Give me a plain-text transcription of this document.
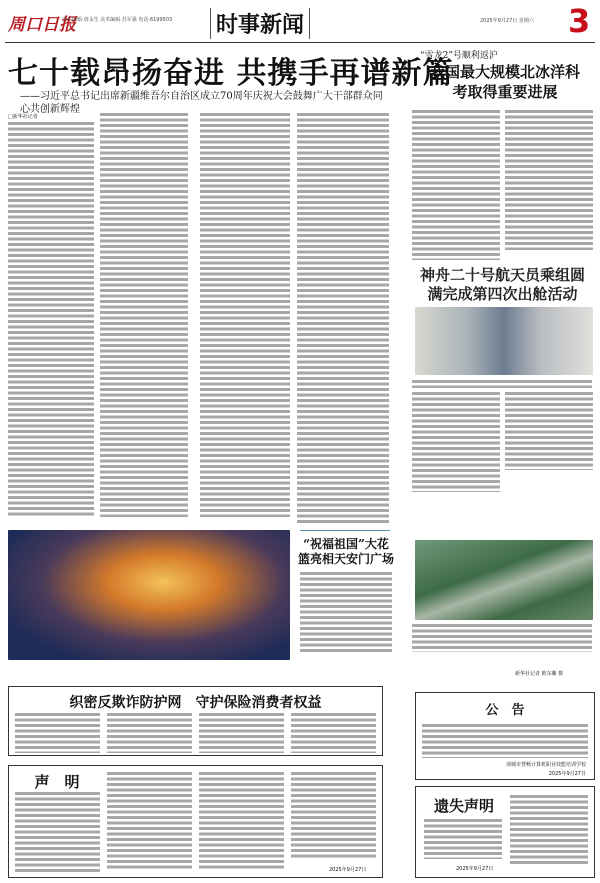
周口日报
责任编辑·唐永生 美术编辑·苏军强 电话·6199503 时事新闻	2025年9月27日 星期六 3
七十载昂扬奋进 共携手再谱新篇
——习近平总书记出席新疆维吾尔自治区成立70周年庆祝大会鼓舞广大干部群众同心共创新辉煌
□新华社记者
“祝福祖国”大花篮亮相天安门广场
“雪龙2”号顺利返沪
我国最大规模北冰洋科考取得重要进展
神舟二十号航天员乘组圆满完成第四次出舱活动
新华社记者 欧东衢 摄
公　告
项城市慧畅计算机职业技能培训学校
2025年9月27日
遗失声明
2025年9月27日
织密反欺诈防护网　守护保险消费者权益
声　明
2025年9月27日
